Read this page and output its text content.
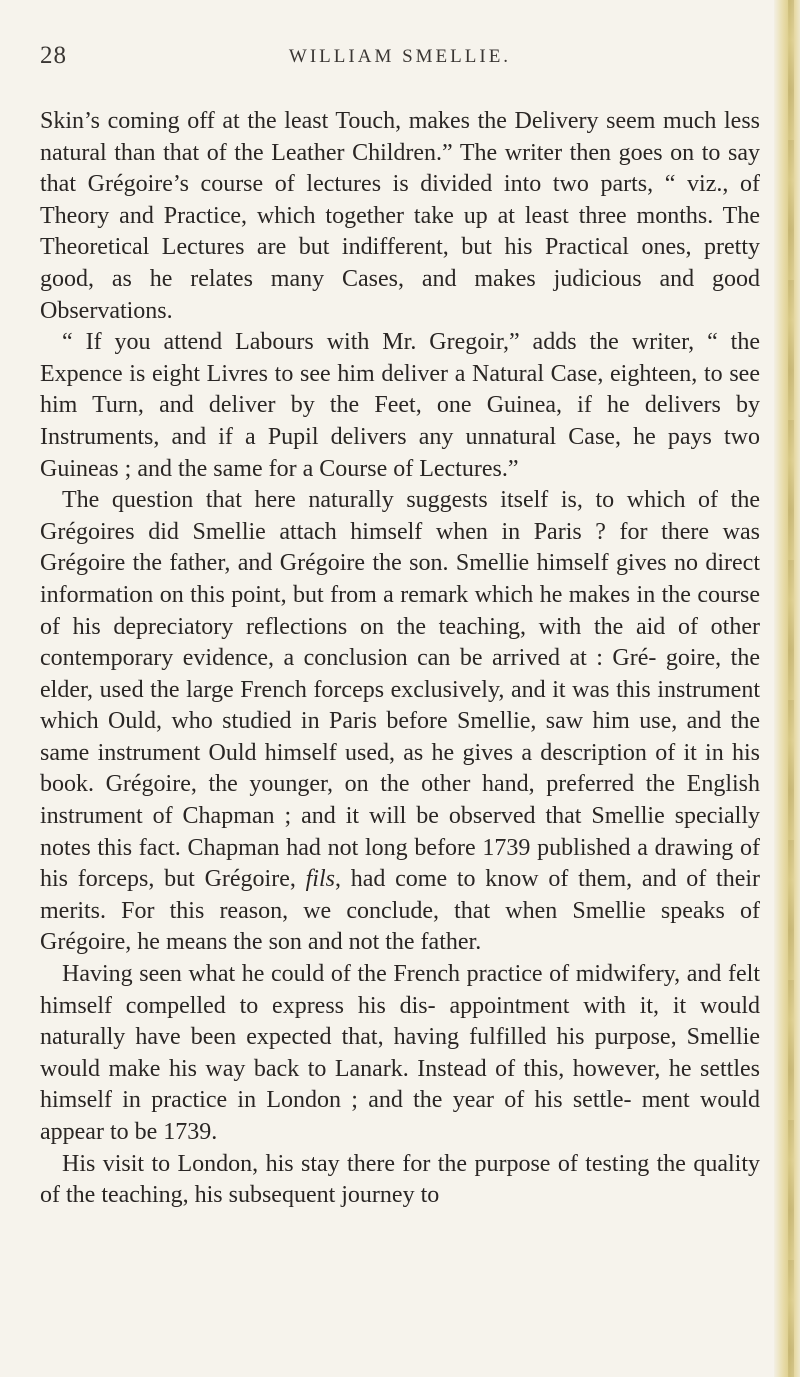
28	WILLIAM SMELLIE.

Skin’s coming off at the least Touch, makes the Delivery seem much less natural than that of the Leather Children.” The writer then goes on to say that Grégoire’s course of lectures is divided into two parts, “ viz., of Theory and Practice, which together take up at least three months. The Theoretical Lectures are but indifferent, but his Practical ones, pretty good, as he relates many Cases, and makes judicious and good Observations.

“ If you attend Labours with Mr. Gregoir,” adds the writer, “ the Expence is eight Livres to see him deliver a Natural Case, eighteen, to see him Turn, and deliver by the Feet, one Guinea, if he delivers by Instruments, and if a Pupil delivers any unnatural Case, he pays two Guineas ; and the same for a Course of Lectures.”

The question that here naturally suggests itself is, to which of the Grégoires did Smellie attach himself when in Paris ? for there was Grégoire the father, and Grégoire the son. Smellie himself gives no direct information on this point, but from a remark which he makes in the course of his depreciatory reflections on the teaching, with the aid of other contemporary evidence, a conclusion can be arrived at : Gré- goire, the elder, used the large French forceps exclusively, and it was this instrument which Ould, who studied in Paris before Smellie, saw him use, and the same instrument Ould himself used, as he gives a description of it in his book. Grégoire, the younger, on the other hand, preferred the English instrument of Chapman ; and it will be observed that Smellie specially notes this fact. Chapman had not long before 1739 published a drawing of his forceps, but Grégoire, fils, had come to know of them, and of their merits. For this reason, we conclude, that when Smellie speaks of Grégoire, he means the son and not the father.

Having seen what he could of the French practice of midwifery, and felt himself compelled to express his dis- appointment with it, it would naturally have been expected that, having fulfilled his purpose, Smellie would make his way back to Lanark. Instead of this, however, he settles himself in practice in London ; and the year of his settle- ment would appear to be 1739.

His visit to London, his stay there for the purpose of testing the quality of the teaching, his subsequent journey to
